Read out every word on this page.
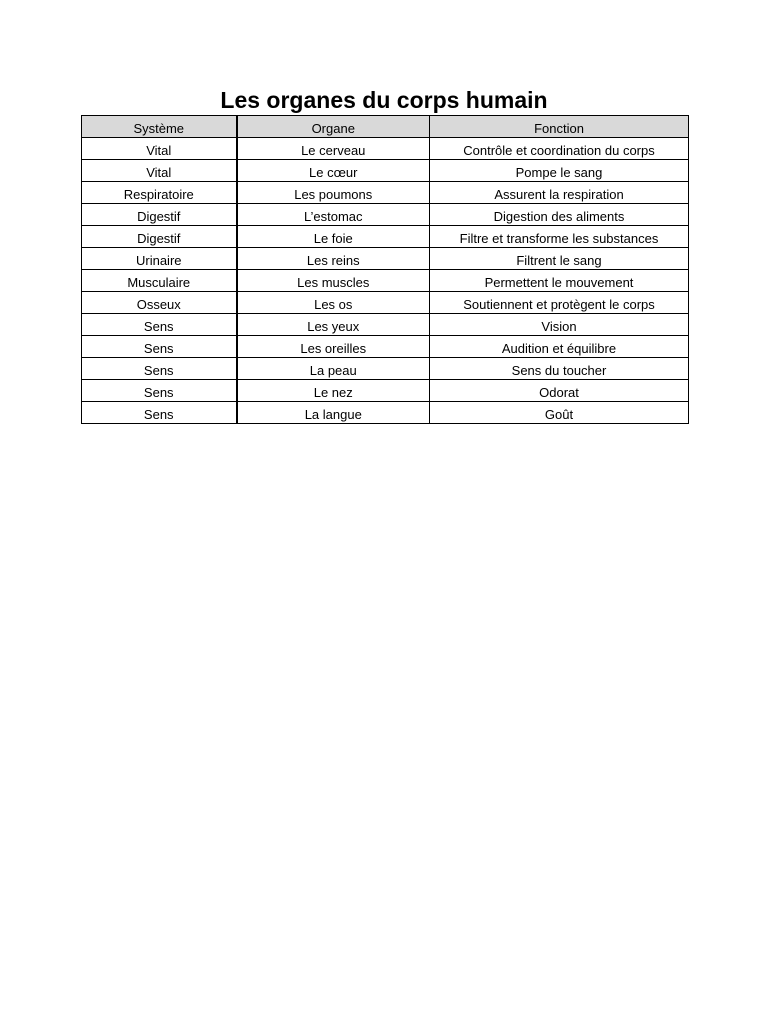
Les organes du corps humain
Système	Organe	Fonction
Vital	Le cerveau	Contrôle et coordination du corps
Vital	Le cœur	Pompe le sang
Respiratoire	Les poumons	Assurent la respiration
Digestif	L’estomac	Digestion des aliments
Digestif	Le foie	Filtre et transforme les substances
Urinaire	Les reins	Filtrent le sang
Musculaire	Les muscles	Permettent le mouvement
Osseux	Les os	Soutiennent et protègent le corps
Sens	Les yeux	Vision
Sens	Les oreilles	Audition et équilibre
Sens	La peau	Sens du toucher
Sens	Le nez	Odorat
Sens	La langue	Goût
